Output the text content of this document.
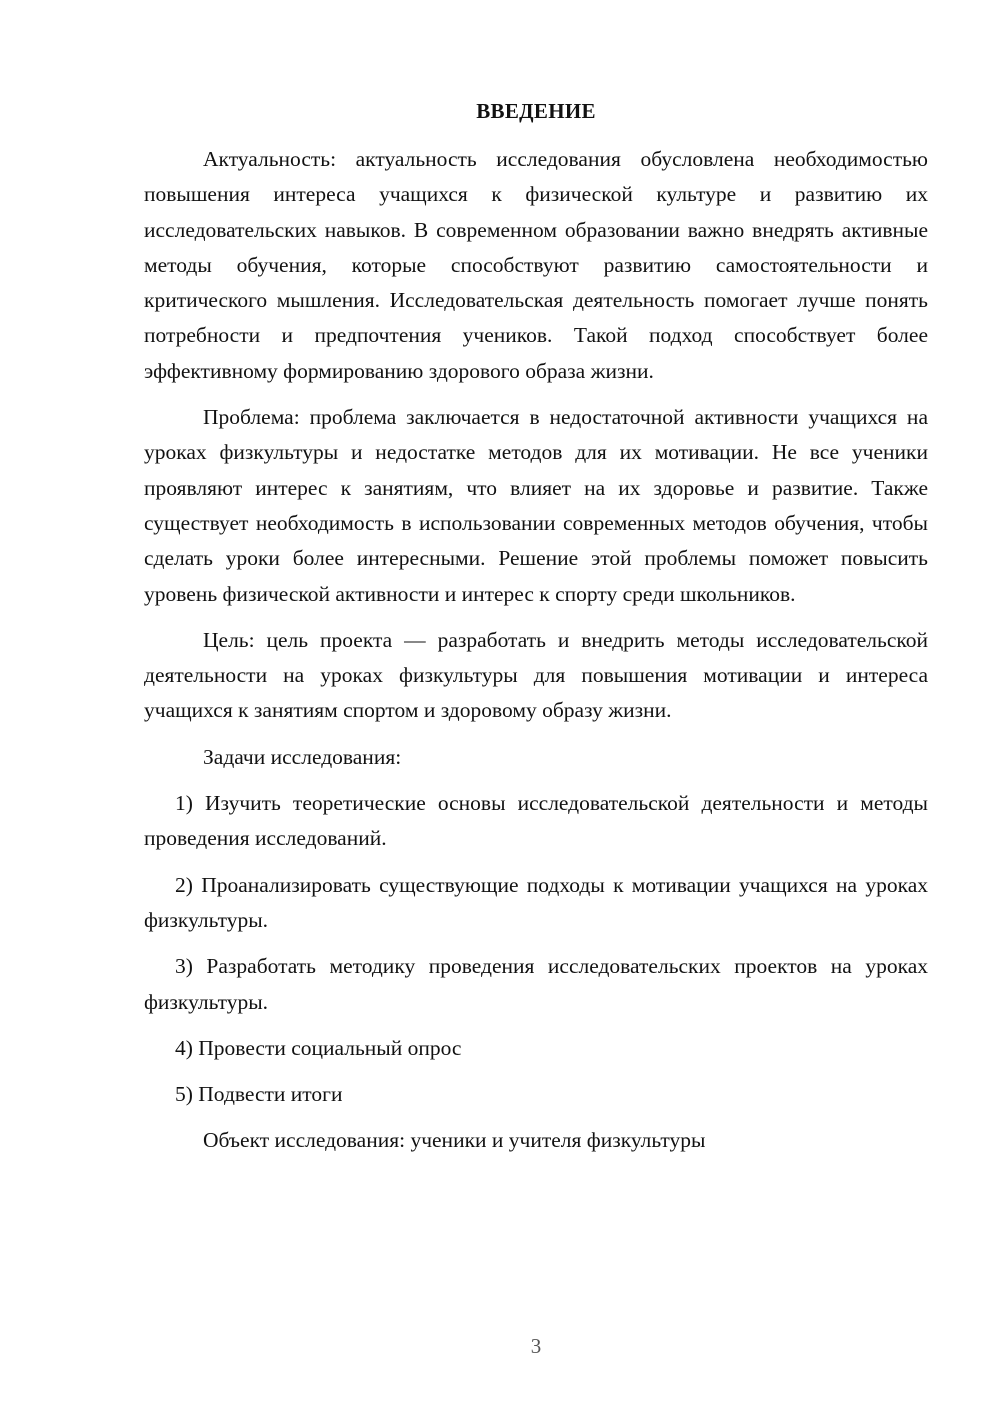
ВВЕДЕНИЕ

Актуальность: актуальность исследования обусловлена необходимостью повышения интереса учащихся к физической культуре и развитию их исследовательских навыков. В современном образовании важно внедрять активные методы обучения, которые способствуют развитию самостоятельности и критического мышления. Исследовательская деятельность помогает лучше понять потребности и предпочтения учеников. Такой подход способствует более эффективному формированию здорового образа жизни.

Проблема: проблема заключается в недостаточной активности учащихся на уроках физкультуры и недостатке методов для их мотивации. Не все ученики проявляют интерес к занятиям, что влияет на их здоровье и развитие. Также существует необходимость в использовании современных методов обучения, чтобы сделать уроки более интересными. Решение этой проблемы поможет повысить уровень физической активности и интерес к спорту среди школьников.

Цель: цель проекта — разработать и внедрить методы исследовательской деятельности на уроках физкультуры для повышения мотивации и интереса учащихся к занятиям спортом и здоровому образу жизни.

Задачи исследования:

1) Изучить теоретические основы исследовательской деятельности и методы проведения исследований.

2) Проанализировать существующие подходы к мотивации учащихся на уроках физкультуры.

3) Разработать методику проведения исследовательских проектов на уроках физкультуры.

4) Провести социальный опрос

5) Подвести итоги

Объект исследования: ученики и учителя физкультуры

3
